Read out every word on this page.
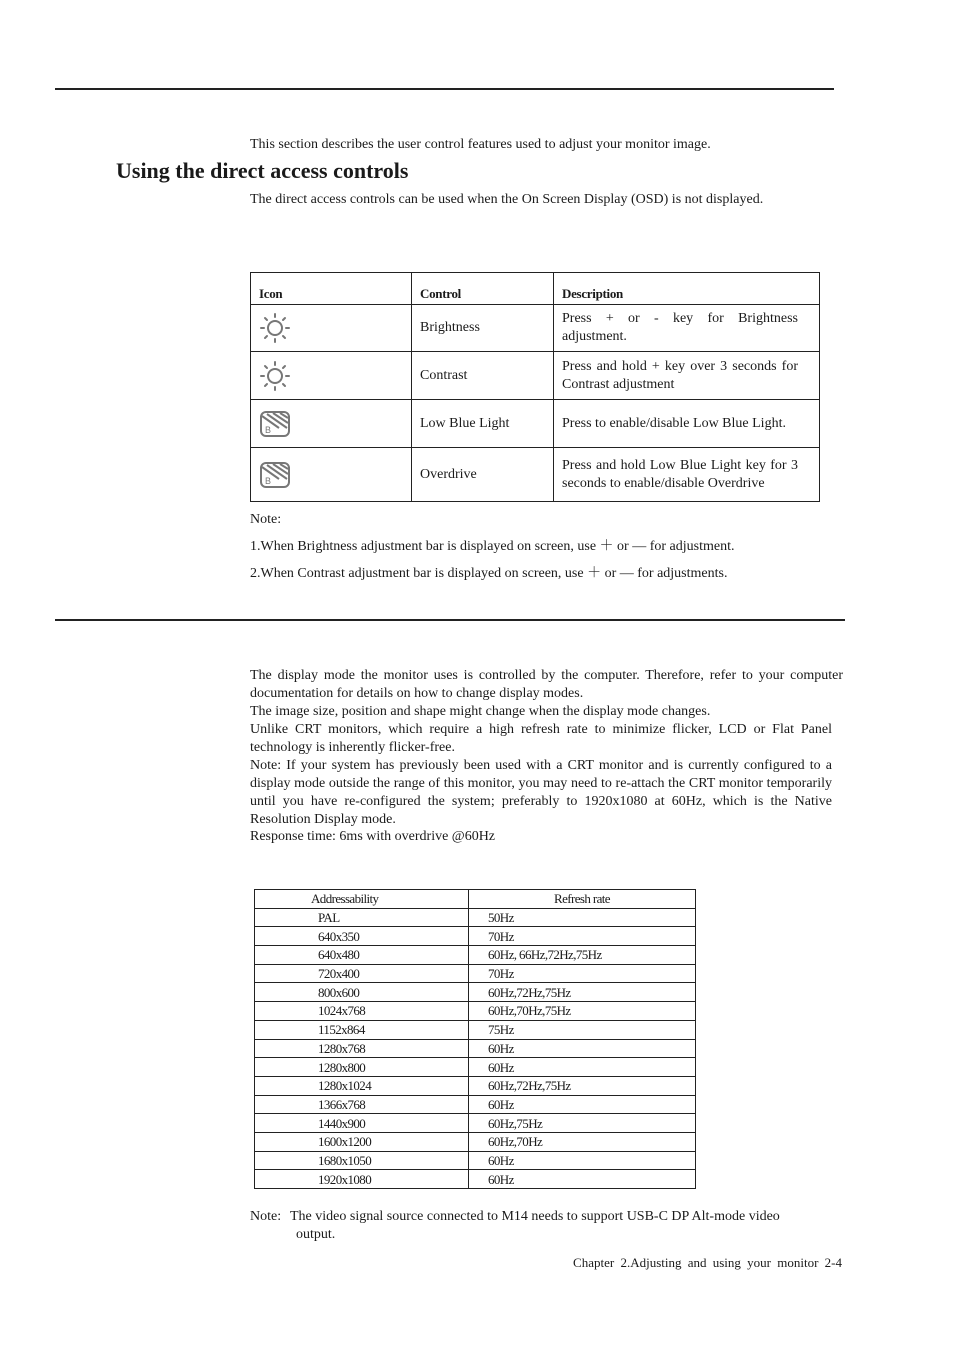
This section describes the user control features used to adjust your monitor image.
Using the direct access controls
The direct access controls can be used when the On Screen Display (OSD) is not displayed.
Icon	Control	Description

	Brightness	Press + or - key for Brightness adjustment.

	Contrast	Press and hold + key over 3 seconds for Contrast adjustment

B	Low Blue Light	Press to enable/disable Low Blue Light.

B	Overdrive	Press and hold Low Blue Light key for 3 seconds to enable/disable Overdrive
Note:
1.When Brightness adjustment bar is displayed on screen, use ＋ or — for adjustment.
2.When Contrast adjustment bar is displayed on screen, use ＋ or — for adjustments.
The display mode the monitor uses is controlled by the computer. Therefore, refer to your computer documentation for details on how to change display modes.
The image size, position and shape might change when the display mode changes.
Unlike CRT monitors, which require a high refresh rate to minimize flicker, LCD or Flat Panel technology is inherently flicker-free.
Note: If your system has previously been used with a CRT monitor and is currently configured to a display mode outside the range of this monitor, you may need to re-attach the CRT monitor temporarily until you have re-configured the system; preferably to 1920x1080 at 60Hz, which is the Native Resolution Display mode.
Response time: 6ms with overdrive @60Hz
Addressability	Refresh rate
PAL	50Hz
640x350	70Hz
640x480	60Hz, 66Hz,72Hz,75Hz
720x400	70Hz
800x600	60Hz,72Hz,75Hz
1024x768	60Hz,70Hz,75Hz
1152x864	75Hz
1280x768	60Hz
1280x800	60Hz
1280x1024	60Hz,72Hz,75Hz
1366x768	60Hz
1440x900	60Hz,75Hz
1600x1200	60Hz,70Hz
1680x1050	60Hz
1920x1080	60Hz
Note: The video signal source connected to M14 needs to support USB-C DP Alt-mode video output.
Chapter 2.Adjusting and using your monitor 2-4
